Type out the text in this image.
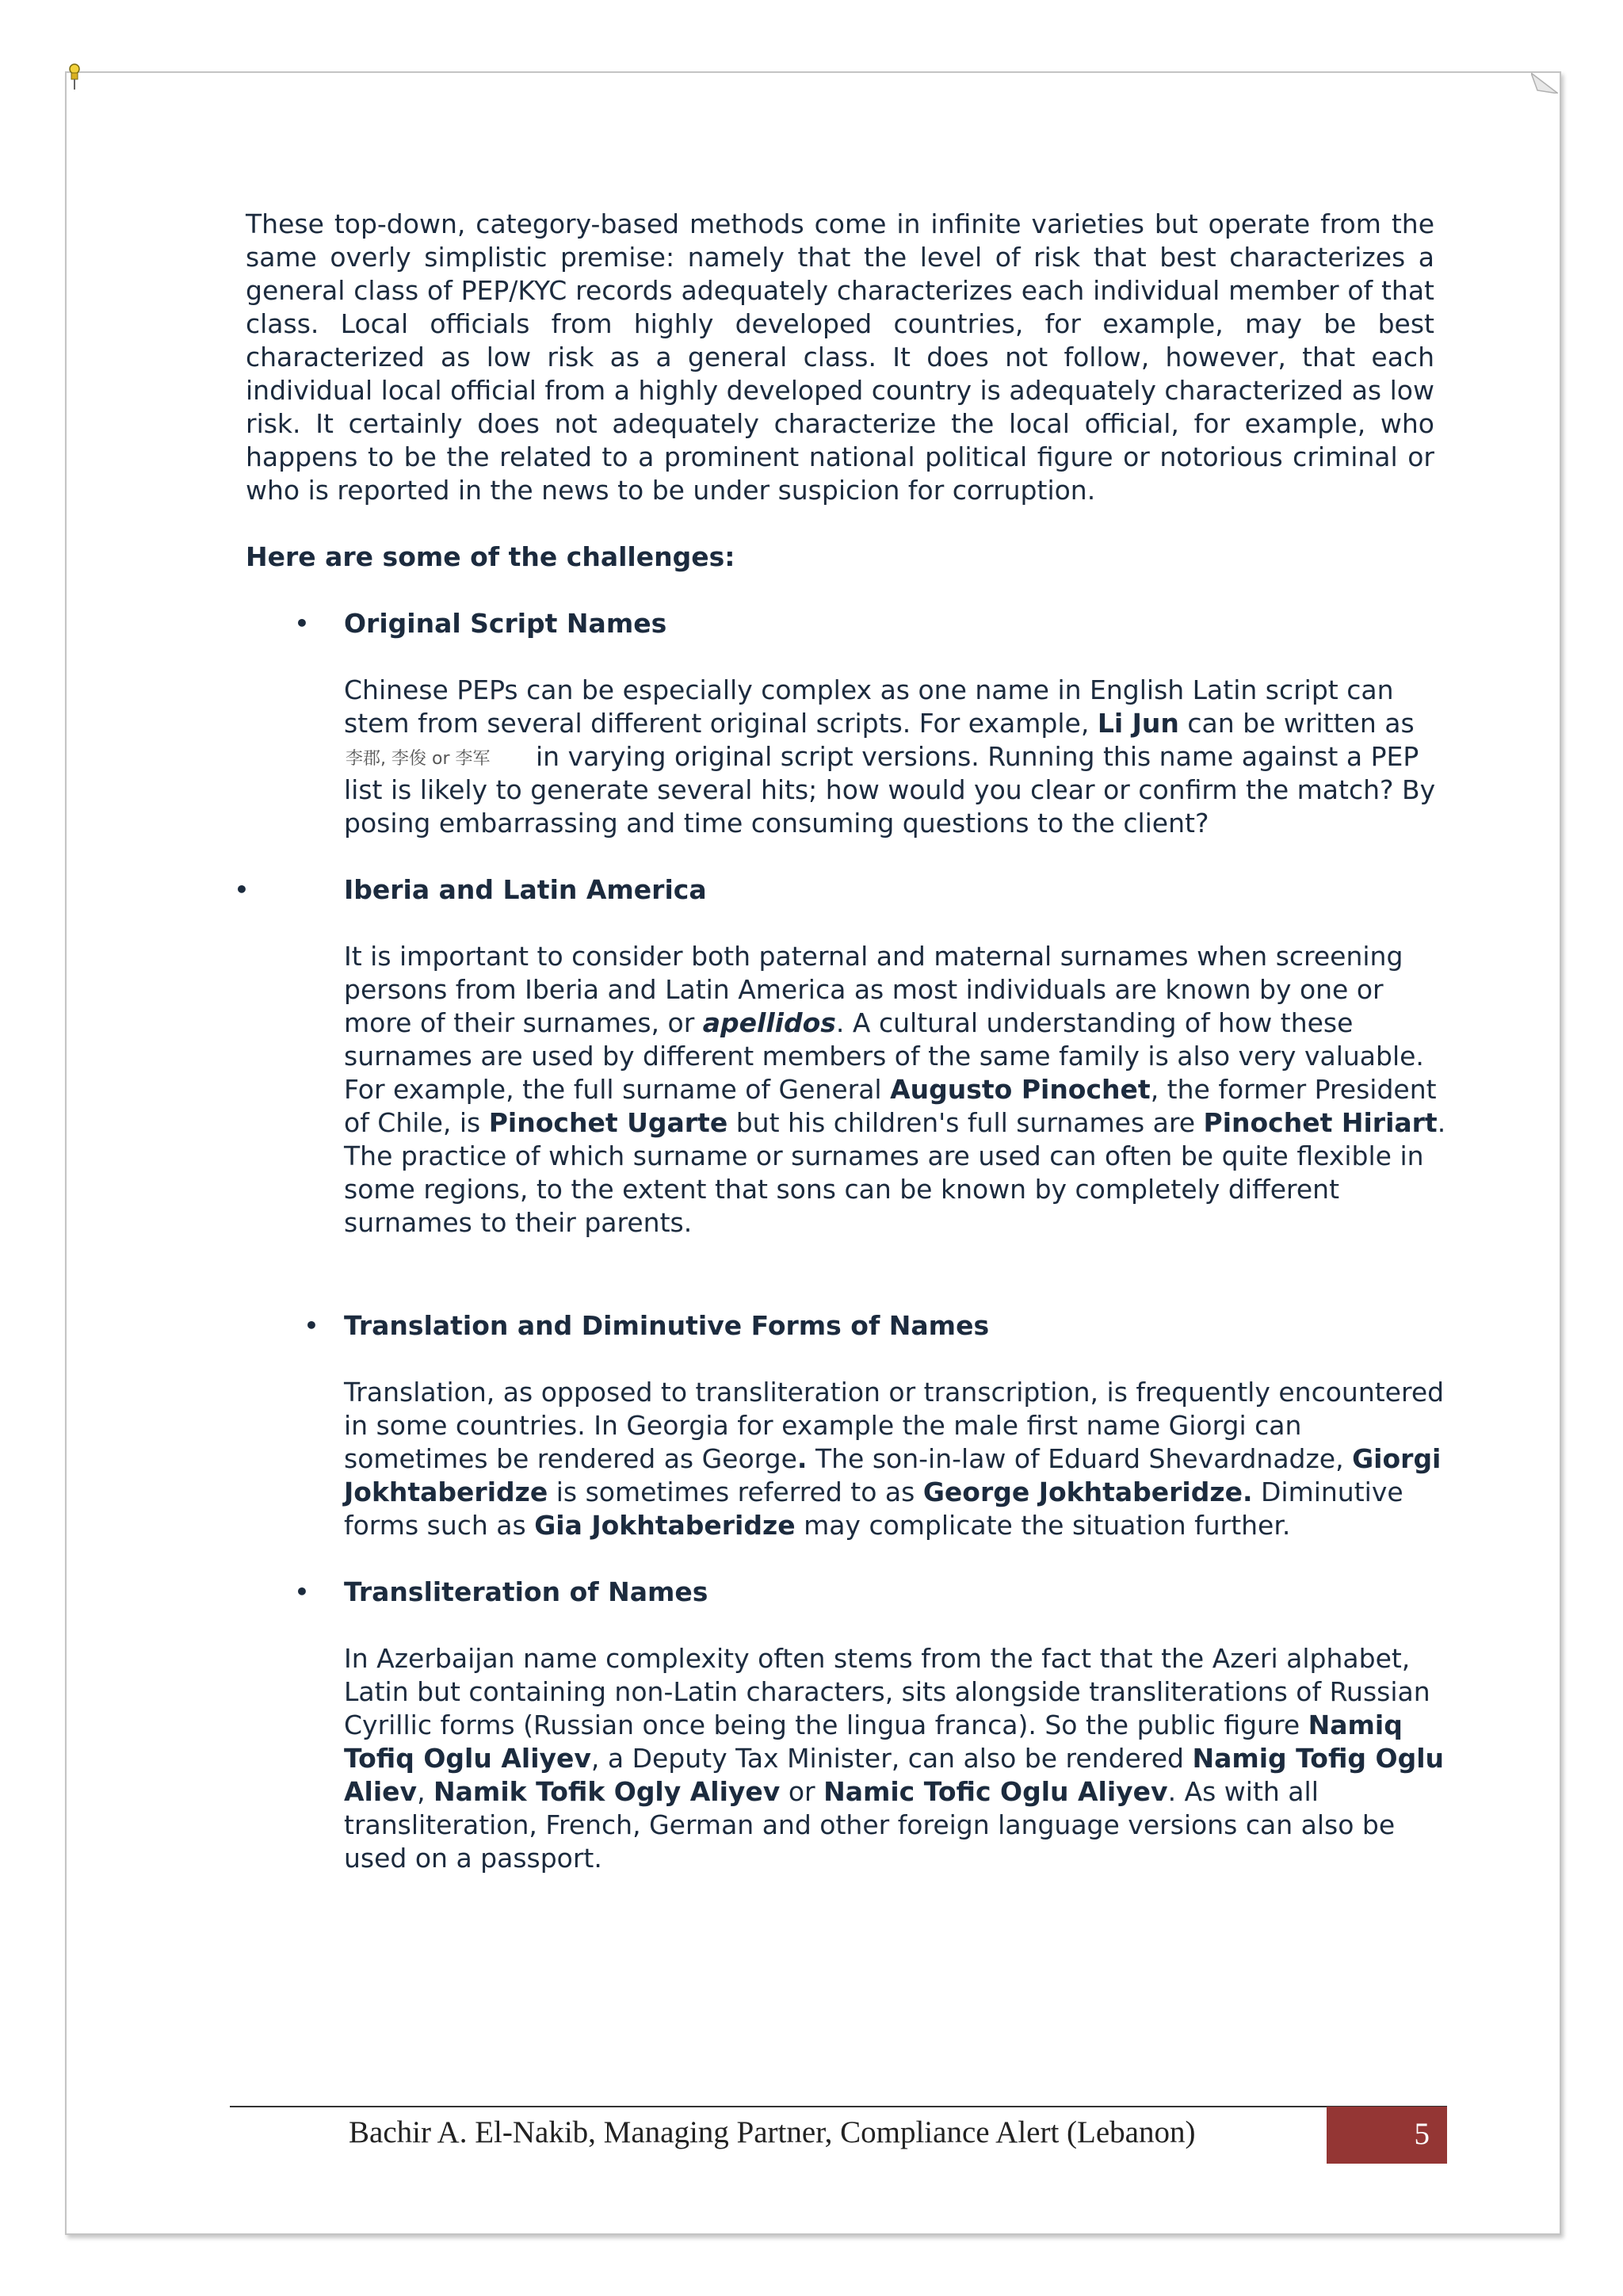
These top-down, category-based methods come in infinite varieties but operate from the same overly simplistic premise: namely that the level of risk that best characterizes a general class of PEP/KYC records adequately characterizes each individual member of that class. Local officials from highly developed countries, for example, may be best characterized as low risk as a general class. It does not follow, however, that each individual local official from a highly developed country is adequately characterized as low risk. It certainly does not adequately characterize the local official, for example, who happens to be the related to a prominent national political figure or notorious criminal or who is reported in the news to be under suspicion for corruption.

Here are some of the challenges:
• Original Script Names
Chinese PEPs can be especially complex as one name in English Latin script can stem from several different original scripts. For example, Li Jun can be written as
李郡, 李俊 or 李军 in varying original script versions. Running this name against a PEP list is likely to generate several hits; how would you clear or confirm the match? By posing embarrassing and time consuming questions to the client?
•	Iberia and Latin America
It is important to consider both paternal and maternal surnames when screening persons from Iberia and Latin America as most individuals are known by one or more of their surnames, or apellidos. A cultural understanding of how these surnames are used by different members of the same family is also very valuable. For example, the full surname of General Augusto Pinochet, the former President of Chile, is Pinochet Ugarte but his children's full surnames are Pinochet Hiriart. The practice of which surname or surnames are used can often be quite flexible in some regions, to the extent that sons can be known by completely different surnames to their parents.
• Translation and Diminutive Forms of Names
Translation, as opposed to transliteration or transcription, is frequently encountered in some countries. In Georgia for example the male first name Giorgi can sometimes be rendered as George. The son-in-law of Eduard Shevardnadze, Giorgi Jokhtaberidze is sometimes referred to as George Jokhtaberidze. Diminutive forms such as Gia Jokhtaberidze may complicate the situation further.
• Transliteration of Names
In Azerbaijan name complexity often stems from the fact that the Azeri alphabet, Latin but containing non-Latin characters, sits alongside transliterations of Russian Cyrillic forms (Russian once being the lingua franca). So the public figure Namiq Tofiq Oglu Aliyev, a Deputy Tax Minister, can also be rendered Namig Tofig Oglu Aliev, Namik Tofik Ogly Aliyev or Namic Tofic Oglu Aliyev. As with all transliteration, French, German and other foreign language versions can also be used on a passport.
Bachir A. El-Nakib, Managing Partner, Compliance Alert (Lebanon)	5
